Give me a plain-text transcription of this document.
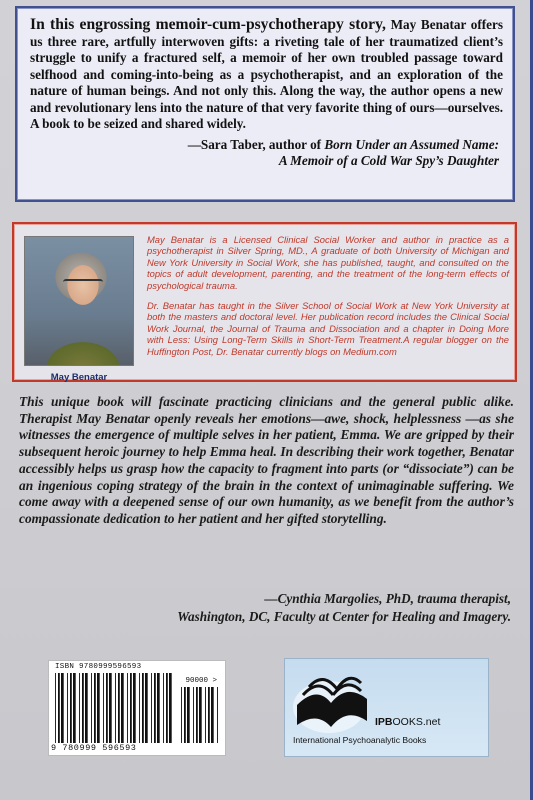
In this engrossing memoir-cum-psychotherapy story, May Benatar offers us three rare, artfully interwoven gifts: a riveting tale of her traumatized client’s struggle to unify a fractured self, a memoir of her own troubled passage toward selfhood and coming-into-being as a psychotherapist, and an exploration of the nature of human beings. And not only this. Along the way, the author opens a new and revolutionary lens into the nature of that very favorite thing of ours—ourselves. A book to be seized and shared widely.

—Sara Taber, author of Born Under an Assumed Name:
A Memoir of a Cold War Spy’s Daughter
May Benatar

May Benatar is a Licensed Clinical Social Worker and author in practice as a psychotherapist in Silver Spring, MD., A graduate of both University of Michigan and New York University in Social Work, she has published, taught, and consulted on the topics of adult development, parenting, and the treatment of the long-term effects of psychological trauma.

Dr. Benatar has taught in the Silver School of Social Work at New York University at both the masters and doctoral level. Her publication record includes the Clinical Social Work Journal, the Journal of Trauma and Dissociation and a chapter in Doing More with Less: Using Long-Term Skills in Short-Term Treatment.A regular blogger on the Huffington Post, Dr. Benatar currently blogs on Medium.com

This unique book will fascinate practicing clinicians and the general public alike. Therapist May Benatar openly reveals her emotions—awe, shock, helplessness —as she witnesses the emergence of multiple selves in her patient, Emma. We are gripped by their subsequent heroic journey to help Emma heal. In describing their work together, Benatar accessibly helps us grasp how the capacity to fragment into parts (or “dissociate”) can be an ingenious coping strategy of the brain in the context of unimaginable suffering. We come away with a deepened sense of our own humanity, as we benefit from the author’s compassionate dedication to her patient and her gifted storytelling.

—Cynthia Margolies, PhD, trauma therapist,
Washington, DC, Faculty at Center for Healing and Imagery.
ISBN 9780999596593
90000 >
9 780999 596593
IPBOOKS.net
International Psychoanalytic Books
